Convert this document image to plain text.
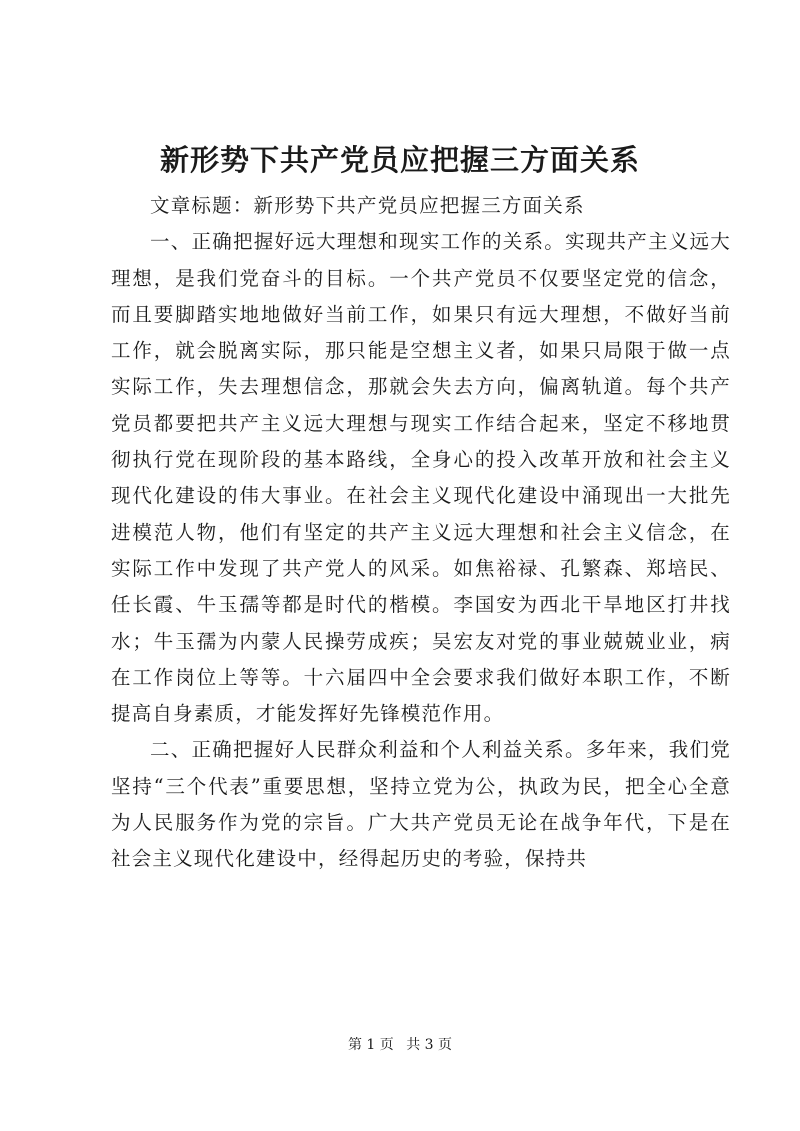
新形势下共产党员应把握三方面关系

文章标题：新形势下共产党员应把握三方面关系

一、正确把握好远大理想和现实工作的关系。实现共产主义远大理想，是我们党奋斗的目标。一个共产党员不仅要坚定党的信念，而且要脚踏实地地做好当前工作，如果只有远大理想，不做好当前工作，就会脱离实际，那只能是空想主义者，如果只局限于做一点实际工作，失去理想信念，那就会失去方向，偏离轨道。每个共产党员都要把共产主义远大理想与现实工作结合起来，坚定不移地贯彻执行党在现阶段的基本路线，全身心的投入改革开放和社会主义现代化建设的伟大事业。在社会主义现代化建设中涌现出一大批先进模范人物，他们有坚定的共产主义远大理想和社会主义信念，在实际工作中发现了共产党人的风采。如焦裕禄、孔繁森、郑培民、任长霞、牛玉孺等都是时代的楷模。李国安为西北干旱地区打井找水；牛玉孺为内蒙人民操劳成疾；吴宏友对党的事业兢兢业业，病在工作岗位上等等。十六届四中全会要求我们做好本职工作，不断提高自身素质，才能发挥好先锋模范作用。

二、正确把握好人民群众利益和个人利益关系。多年来，我们党坚持“三个代表”重要思想，坚持立党为公，执政为民，把全心全意为人民服务作为党的宗旨。广大共产党员无论在战争年代，下是在社会主义现代化建设中，经得起历史的考验，保持共

第 1 页 共 3 页
